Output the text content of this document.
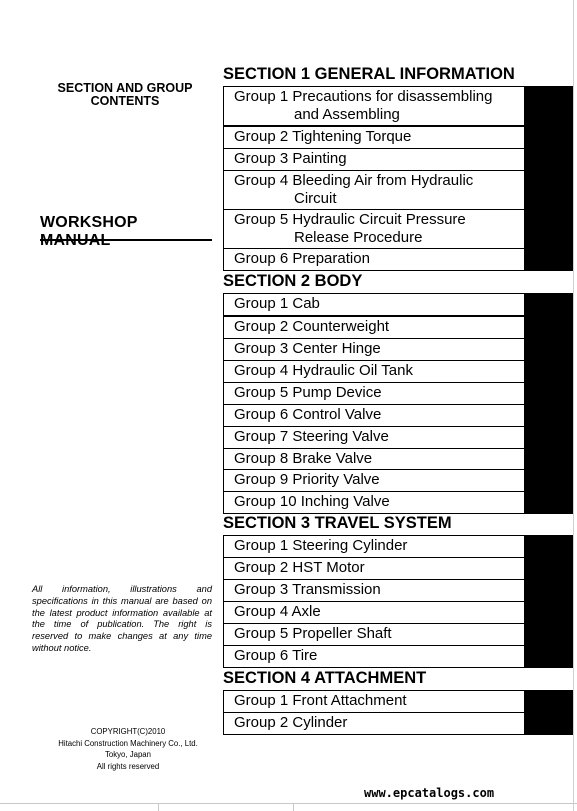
SECTION AND GROUP
CONTENTS
WORKSHOP
All information, illustrations and specifications in this manual are based on the latest product information available at the time of publication. The right is reserved to make changes at any time without notice.
COPYRIGHT(C)2010
Hitachi Construction Machinery Co., Ltd.
Tokyo, Japan
All rights reserved
SECTION 1 GENERAL INFORMATION
Group 1 Precautions for disassembling
and Assembling
Group 2 Tightening Torque
Group 3 Painting
Group 4 Bleeding Air from Hydraulic
Circuit
Group 5 Hydraulic Circuit Pressure
Release Procedure
Group 6 Preparation
SECTION 2 BODY
Group 1 Cab
Group 2 Counterweight
Group 3 Center Hinge
Group 4 Hydraulic Oil Tank
Group 5 Pump Device
Group 6 Control Valve
Group 7 Steering Valve
Group 8 Brake Valve
Group 9 Priority Valve
Group 10 Inching Valve
SECTION 3 TRAVEL SYSTEM
Group 1 Steering Cylinder
Group 2 HST Motor
Group 3 Transmission
Group 4 Axle
Group 5 Propeller Shaft
Group 6 Tire
SECTION 4 ATTACHMENT
Group 1 Front Attachment
Group 2 Cylinder
www.epcatalogs.com
